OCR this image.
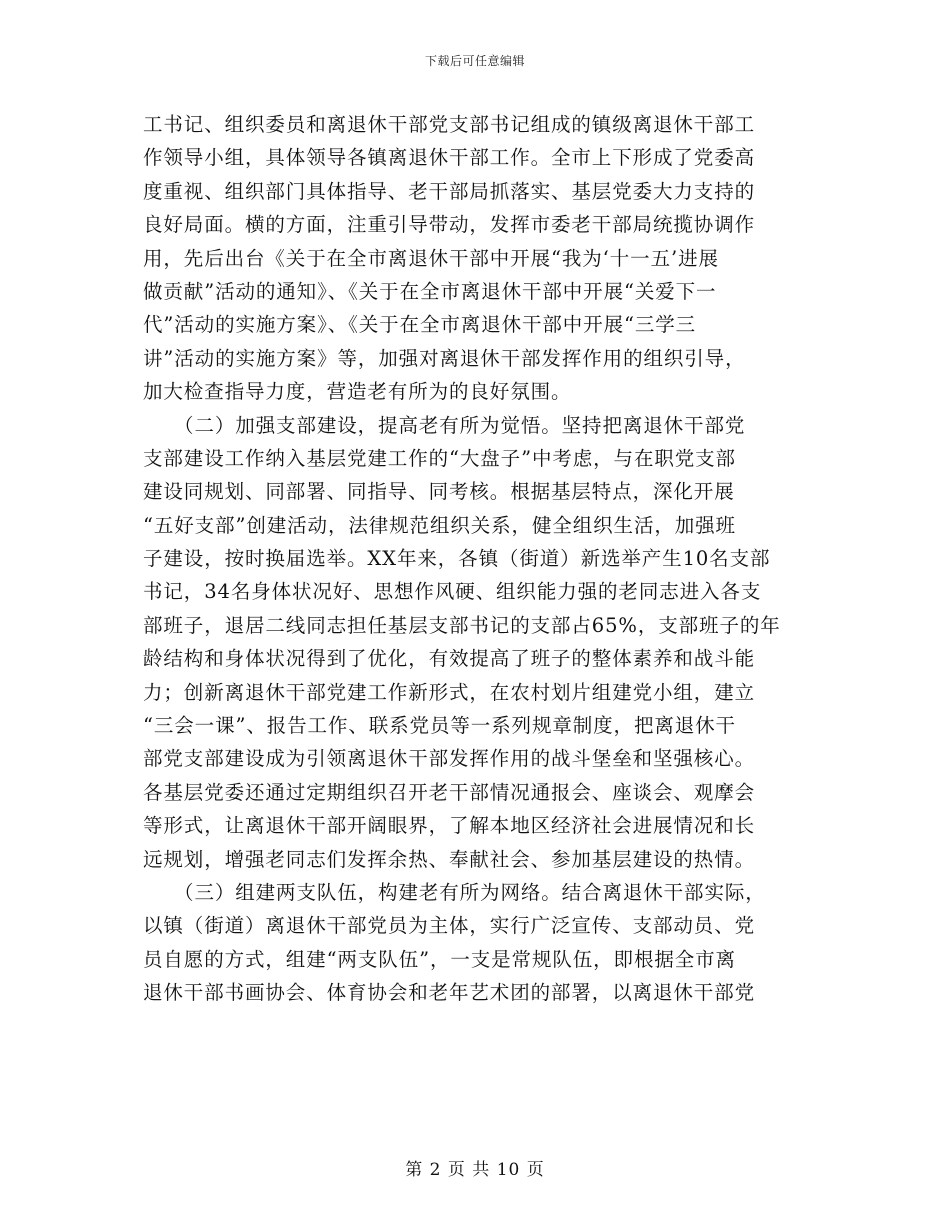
下载后可任意编辑
工书记、组织委员和离退休干部党支部书记组成的镇级离退休干部工
作领导小组，具体领导各镇离退休干部工作。全市上下形成了党委高
度重视、组织部门具体指导、老干部局抓落实、基层党委大力支持的
良好局面。横的方面，注重引导带动，发挥市委老干部局统揽协调作
用，先后出台《关于在全市离退休干部中开展“我为‘十一五’进展
做贡献”活动的通知》、《关于在全市离退休干部中开展“关爱下一
代”活动的实施方案》、《关于在全市离退休干部中开展“三学三
讲”活动的实施方案》等，加强对离退休干部发挥作用的组织引导，
加大检查指导力度，营造老有所为的良好氛围。
　　（二）加强支部建设，提高老有所为觉悟。坚持把离退休干部党
支部建设工作纳入基层党建工作的“大盘子”中考虑，与在职党支部
建设同规划、同部署、同指导、同考核。根据基层特点，深化开展
“五好支部”创建活动，法律规范组织关系，健全组织生活，加强班
子建设，按时换届选举。XX年来，各镇（街道）新选举产生10名支部
书记，34名身体状况好、思想作风硬、组织能力强的老同志进入各支
部班子，退居二线同志担任基层支部书记的支部占65%，支部班子的年
龄结构和身体状况得到了优化，有效提高了班子的整体素养和战斗能
力；创新离退休干部党建工作新形式，在农村划片组建党小组，建立
“三会一课”、报告工作、联系党员等一系列规章制度，把离退休干
部党支部建设成为引领离退休干部发挥作用的战斗堡垒和坚强核心。
各基层党委还通过定期组织召开老干部情况通报会、座谈会、观摩会
等形式，让离退休干部开阔眼界，了解本地区经济社会进展情况和长
远规划，增强老同志们发挥余热、奉献社会、参加基层建设的热情。
　　（三）组建两支队伍，构建老有所为网络。结合离退休干部实际，
以镇（街道）离退休干部党员为主体，实行广泛宣传、支部动员、党
员自愿的方式，组建“两支队伍”，一支是常规队伍，即根据全市离
退休干部书画协会、体育协会和老年艺术团的部署，以离退休干部党
第 2 页 共 10 页
